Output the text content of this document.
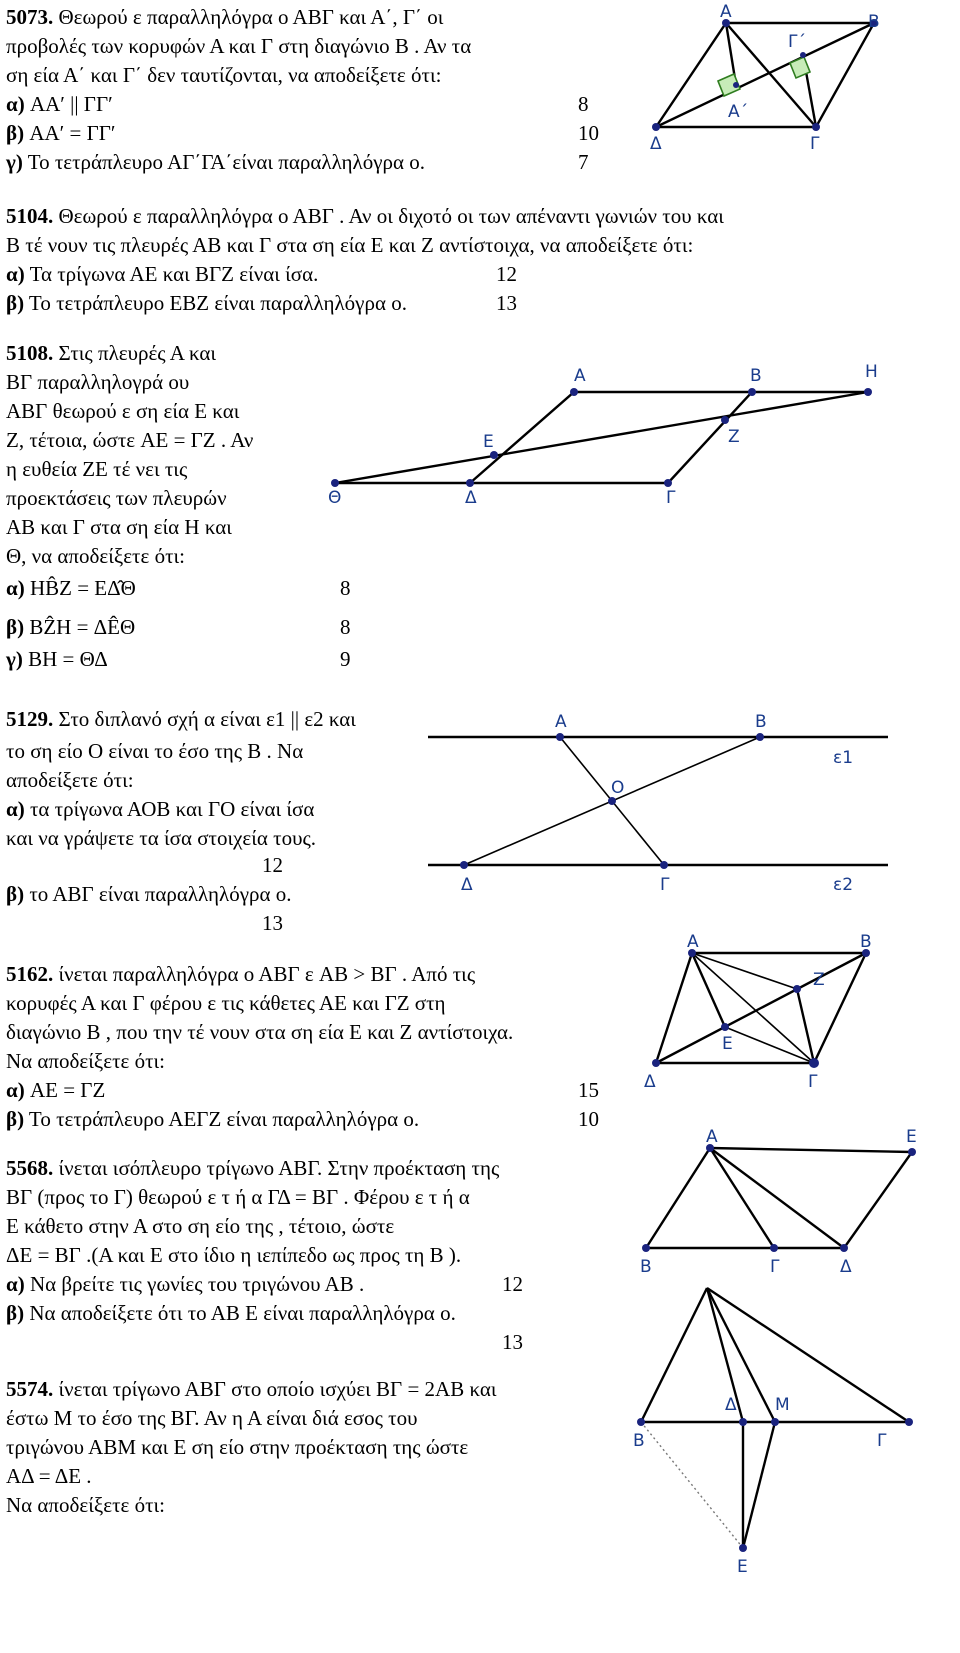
5073. Θεωρού ε παραλληλόγρα ο ΑΒΓ και Α΄, Γ΄ οι
προβολές των κορυφών Α και Γ στη διαγώνιο Β . Αν τα
ση εία Α΄ και Γ΄ δεν ταυτίζονται, να αποδείξετε ότι:
α) AA′ || ΓΓ′	8
β) AA′ = ΓΓ′	10
γ) Το τετράπλευρο ΑΓ΄ΓΑ΄είναι παραλληλόγρα ο.	7
Α	Β
Γ΄
Α΄
Δ	Γ
5104. Θεωρού ε παραλληλόγρα ο ΑΒΓ . Αν οι διχοτό οι των απέναντι γωνιών του και
Β τέ νουν τις πλευρές ΑΒ και Γ στα ση εία Ε και Ζ αντίστοιχα, να αποδείξετε ότι:
α) Τα τρίγωνα ΑΕ και ΒΓΖ είναι ίσα.	12
β) Το τετράπλευρο ΕΒΖ είναι παραλληλόγρα ο.	13
5108. Στις πλευρές Α και
ΒΓ παραλληλογρά ου
ΑΒΓ θεωρού ε ση εία Ε και
Ζ, τέτοια, ώστε AE = ΓΖ . Αν
η ευθεία ΖΕ τέ νει τις
προεκτάσεις των πλευρών
ΑΒ και Γ στα ση εία Η και
Θ, να αποδείξετε ότι:
α) HB̂Z = EΔ̂Θ	8
β) BẐH = ΔÊΘ	8
γ) BH = ΘΔ	9
Α	Β	Η
Ε	Ζ
Θ	Δ	Γ
5129. Στο διπλανό σχή α είναι ε1 || ε2 και
το ση είο Ο είναι το έσο της Β . Να
αποδείξετε ότι:
α) τα τρίγωνα ΑΟΒ και ΓΟ είναι ίσα
και να γράψετε τα ίσα στοιχεία τους.
12
β) το ΑΒΓ είναι παραλληλόγρα ο.
13
Α	Β
ε1
Ο
Δ	Γ	ε2
5162. ίνεται παραλληλόγρα ο ΑΒΓ ε AB > ΒΓ . Από τις
κορυφές Α και Γ φέρου ε τις κάθετες ΑΕ και ΓΖ στη
διαγώνιο Β , που την τέ νουν στα ση εία Ε και Ζ αντίστοιχα.
Να αποδείξετε ότι:
α) AE = ΓΖ	15
β) Το τετράπλευρο ΑΕΓΖ είναι παραλληλόγρα ο.	10
Α	Β
Ζ
Ε
Δ	Γ
5568. ίνεται ισόπλευρο τρίγωνο ΑΒΓ. Στην προέκταση της
ΒΓ (προς το Γ) θεωρού ε τ ή α ΓΔ = ΒΓ . Φέρου ε τ ή α
Ε κάθετο στην Α στο ση είο της , τέτοιο, ώστε
ΔΕ = ΒΓ .(Α και Ε στο ίδιο η ιεπίπεδο ως προς τη Β ).
α) Να βρείτε τις γωνίες του τριγώνου ΑΒ .	12
β) Να αποδείξετε ότι το ΑΒ Ε είναι παραλληλόγρα ο.
13
Α	Ε
Β	Γ	Δ
5574. ίνεται τρίγωνο ΑΒΓ στο οποίο ισχύει ΒΓ = 2AB και
έστω Μ το έσο της ΒΓ. Αν η Α είναι διά εσος του
τριγώνου ΑΒΜ και Ε ση είο στην προέκταση της ώστε
AΔ = ΔE .
Να αποδείξετε ότι:
Β
Δ Μ
Γ
Ε
